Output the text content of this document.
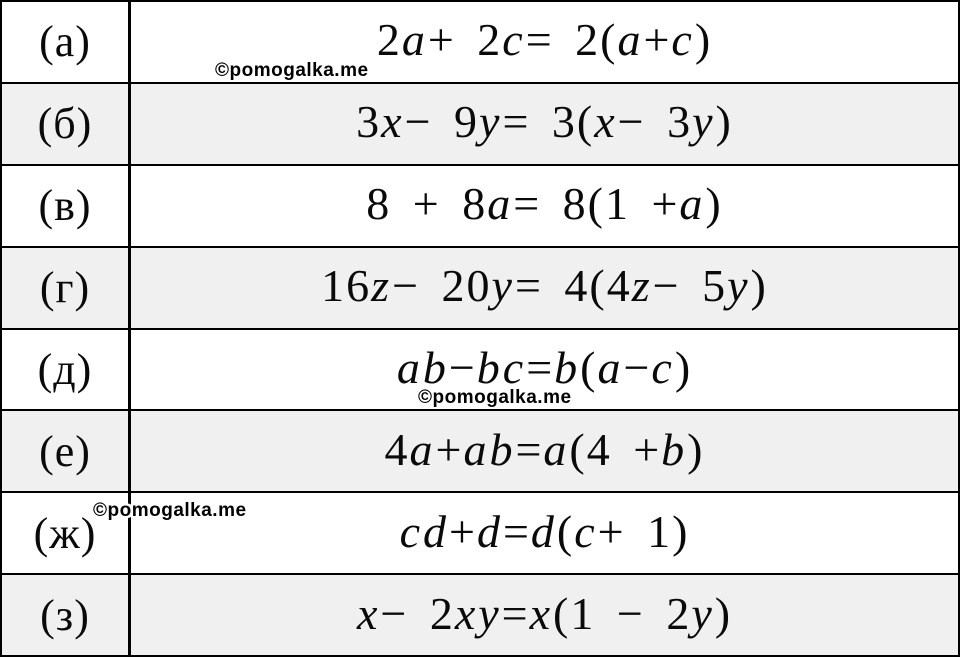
(а)	2 a + 2 c = 2( a + c )
(б)	3 x − 9 y = 3( x − 3 y )
(в)	8 + 8 a = 8(1 + a )
(г)	16 z − 20 y = 4(4 z − 5 y )
(д)	a b − b c = b ( a − c )
(е)	4 a + a b = a (4 + b )
(ж)	c d + d = d ( c + 1)
(з)	x − 2 x y = x (1 − 2 y )
©pomogalka.me
©pomogalka.me
©pomogalka.me
